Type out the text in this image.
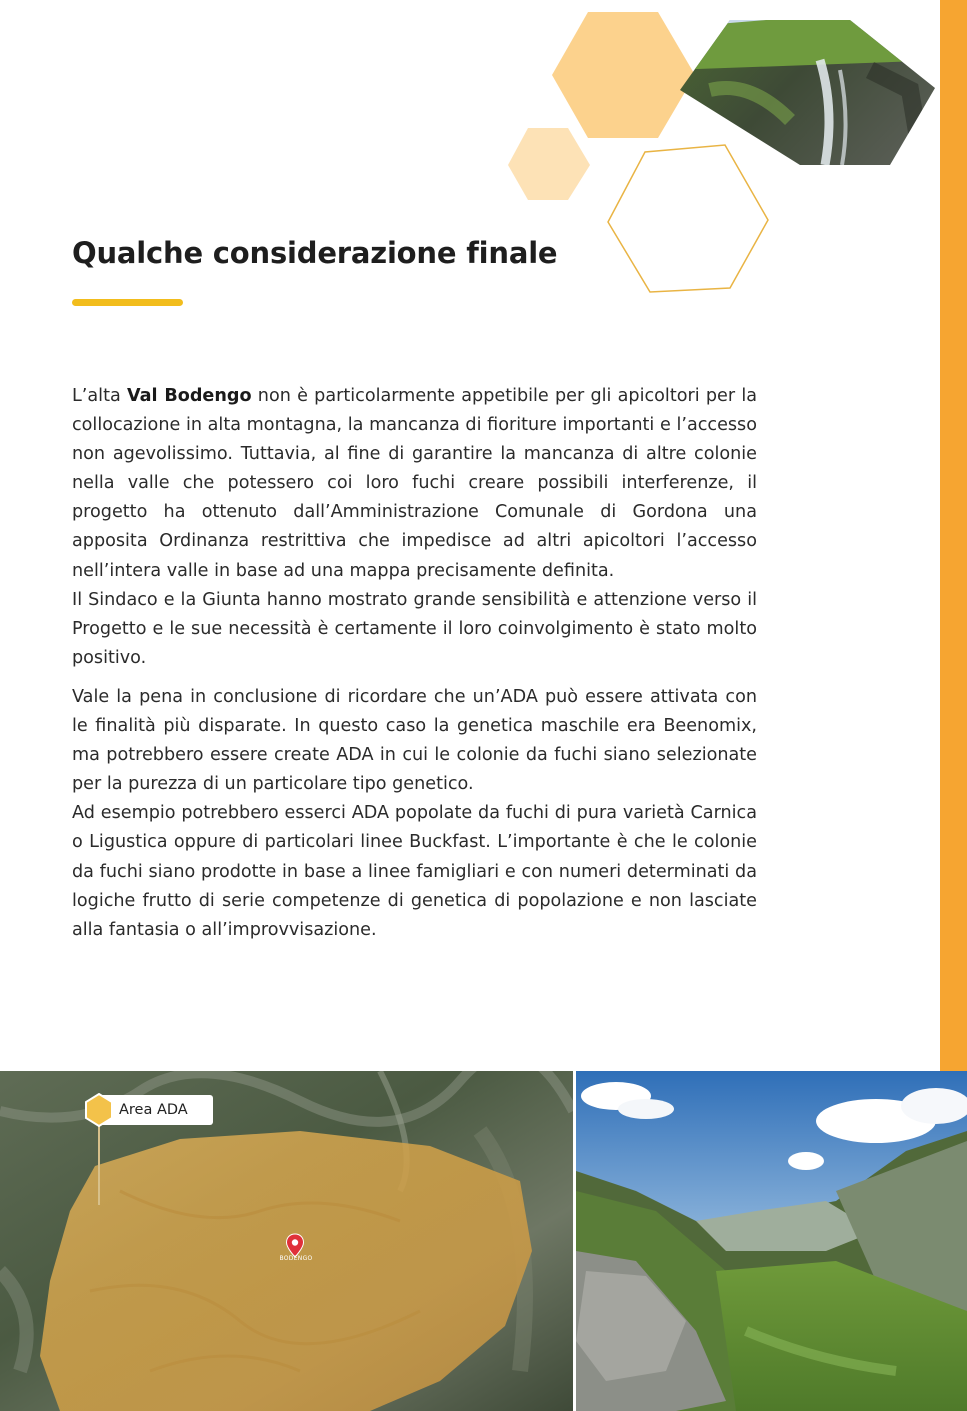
Qualche considerazione finale

L’alta Val Bodengo non è particolarmente appetibile per gli apicoltori per la collocazione in alta montagna, la mancanza di fioriture importanti e l’accesso non agevolissimo. Tuttavia, al fine di garantire la mancanza di altre colonie nella valle che potessero coi loro fuchi creare possibili interferenze, il progetto ha ottenuto dall’Amministrazione Comunale di Gordona una apposita Ordinanza restrittiva che impedisce ad altri apicoltori l’accesso nell’intera valle in base ad una mappa precisamente definita.

Il Sindaco e la Giunta hanno mostrato grande sensibilità e attenzione verso il Progetto e le sue necessità è certamente il loro coinvolgimento è stato molto positivo.

Vale la pena in conclusione di ricordare che un’ADA può essere attivata con le finalità più disparate. In questo caso la genetica maschile era Beenomix, ma potrebbero essere create ADA in cui le colonie da fuchi siano selezionate per la purezza di un particolare tipo genetico.

Ad esempio potrebbero esserci ADA popolate da fuchi di pura varietà Carnica o Ligustica oppure di particolari linee Buckfast. L’importante è che le colonie da fuchi siano prodotte in base a linee famigliari e con numeri determinati da logiche frutto di serie competenze di genetica di popolazione e non lasciate alla fantasia o all’improvvisazione.

Area ADA
BODENGO
